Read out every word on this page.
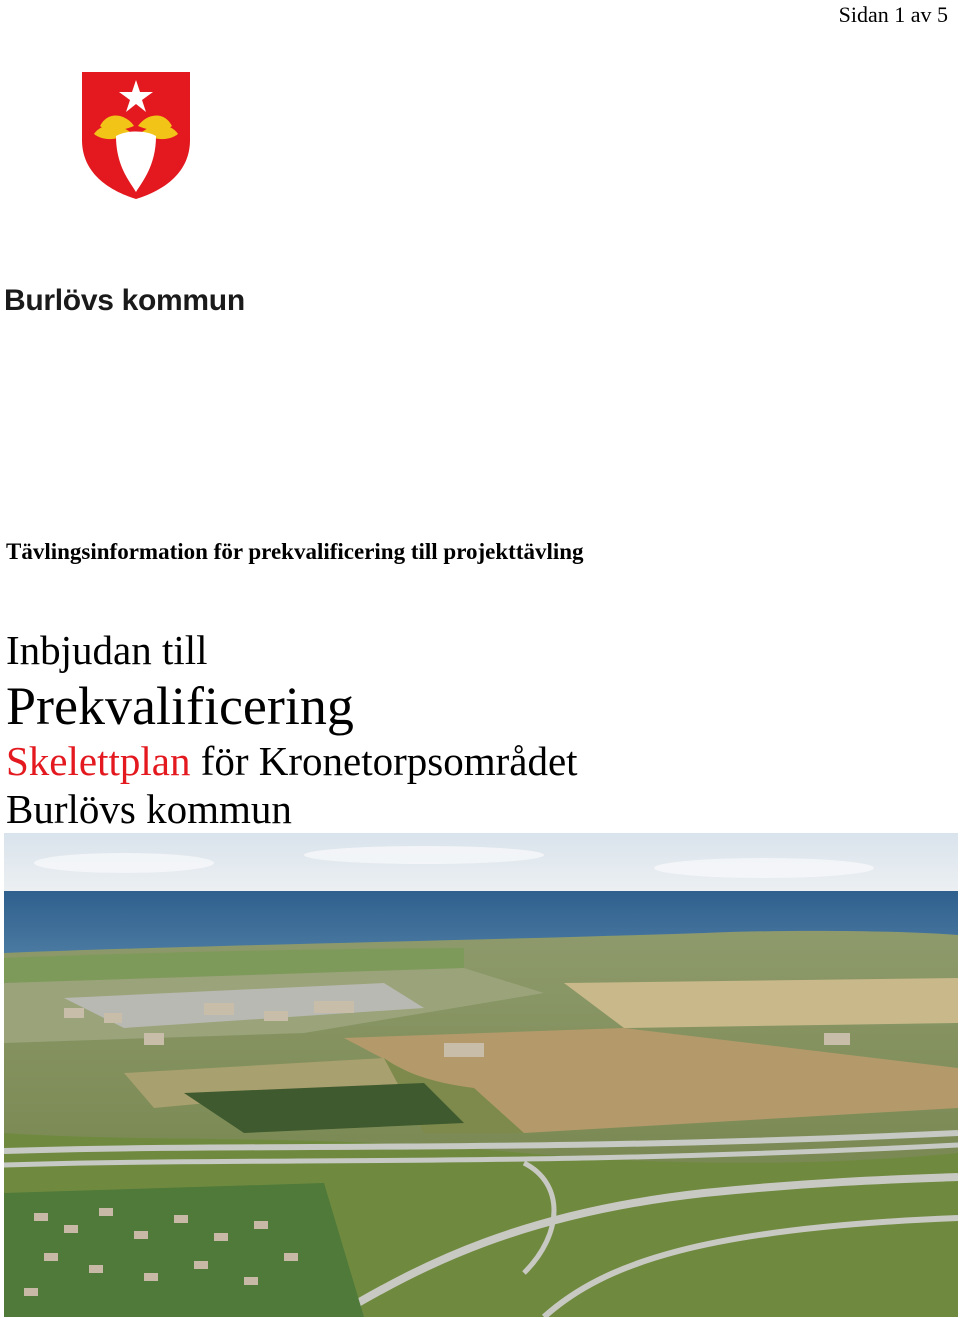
Sidan 1 av 5
Burlövs kommun
Tävlingsinformation för prekvalificering till projekttävling
Inbjudan till
Prekvalificering
Skelettplan för Kronetorpsområdet
Burlövs kommun
